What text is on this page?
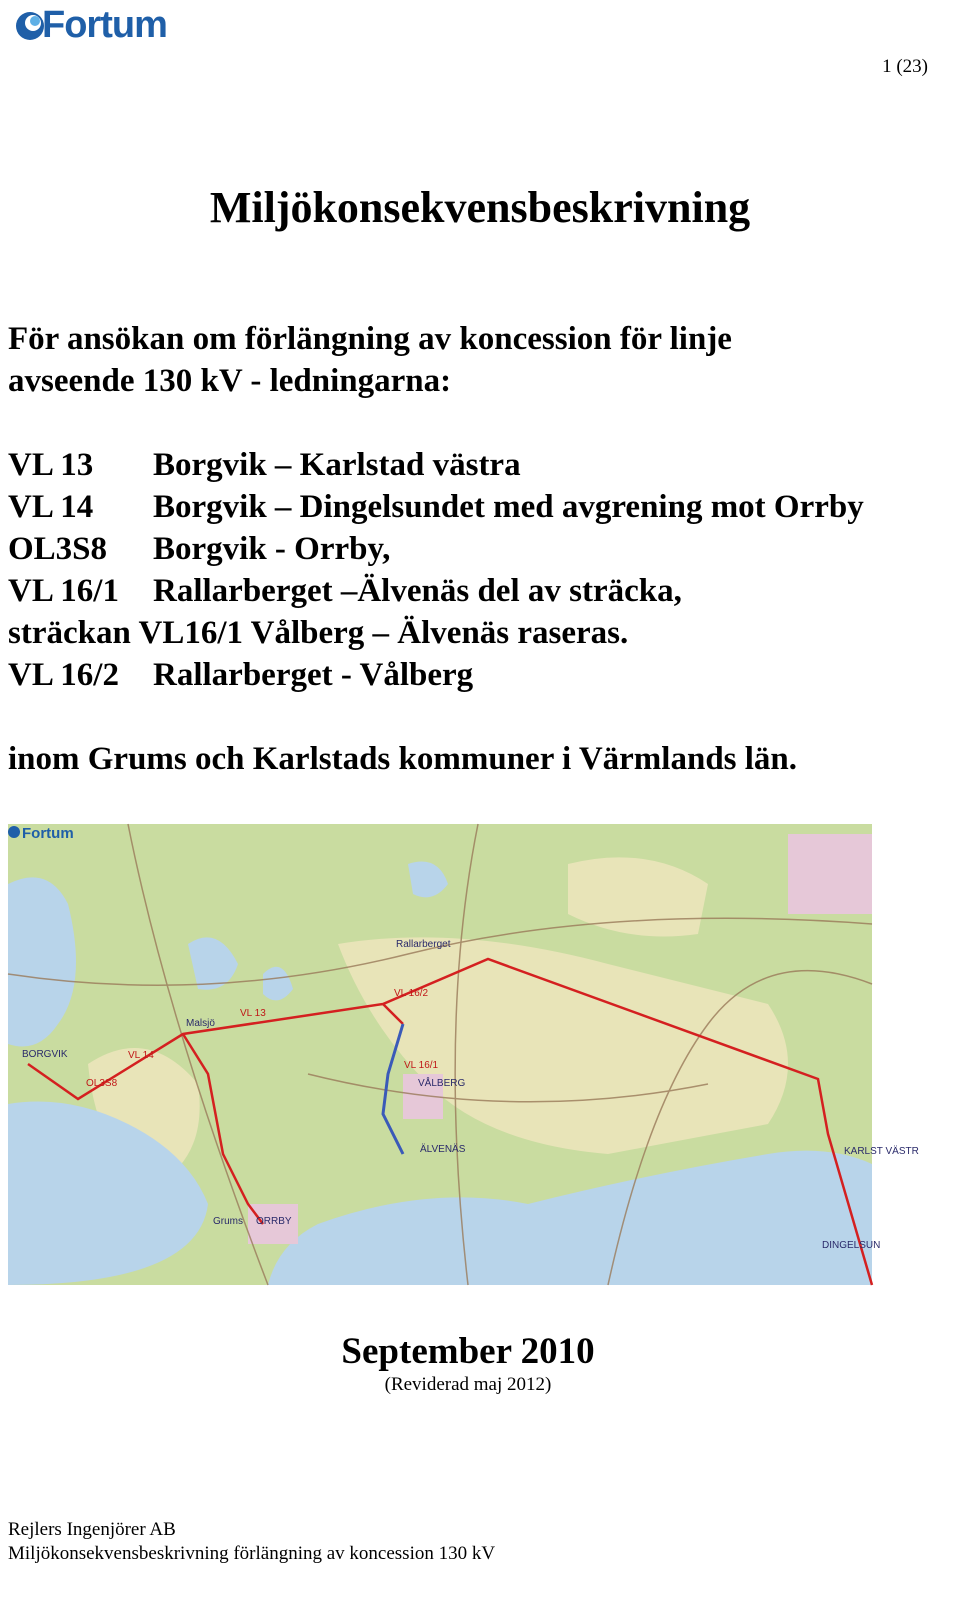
Fortum
1 (23)
Miljökonsekvensbeskrivning
För ansökan om förlängning av koncession för linje
avseende 130 kV - ledningarna:
VL 13	Borgvik – Karlstad västra
VL 14	Borgvik – Dingelsundet med avgrening mot Orrby
OL3S8	Borgvik - Orrby,
VL 16/1	Rallarberget –Älvenäs del av sträcka,
sträckan VL16/1 Vålberg – Älvenäs raseras.
VL 16/2	Rallarberget - Vålberg
inom Grums och Karlstads kommuner i Värmlands län.
Fortum
BORGVIK
Rallarberget
Malsjö
VÅLBERG
ÄLVENÄS
ORRBY
Grums
KARLST VÄSTR
DINGELSUN
VL 13
VL 14
OL3S8
VL 16/1
VL 16/2
September 2010
(Reviderad maj 2012)
Rejlers Ingenjörer AB
Miljökonsekvensbeskrivning förlängning av koncession 130 kV
